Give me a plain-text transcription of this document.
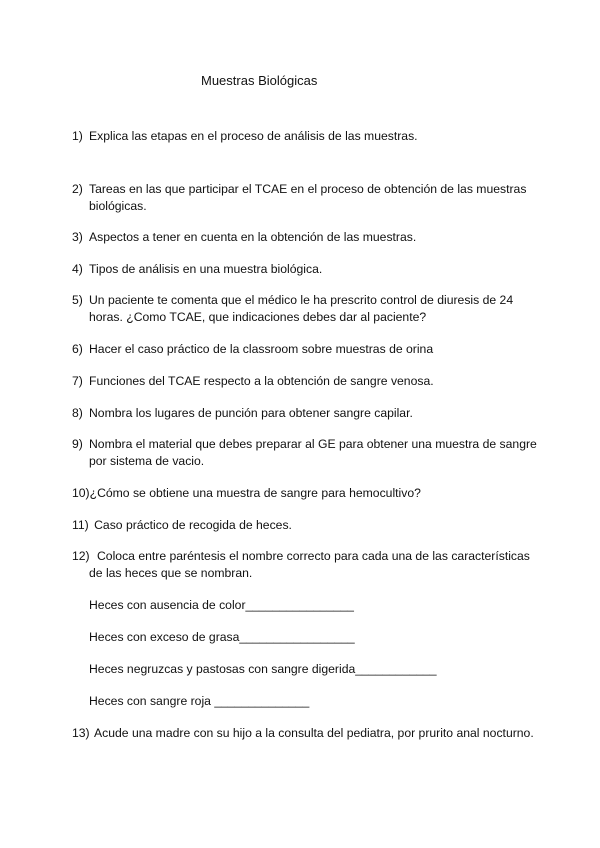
Muestras Biológicas
1) Explica las etapas en el proceso de análisis de las muestras.
2) Tareas en las que participar el TCAE en el proceso de obtención de las muestras biológicas.
3) Aspectos a tener en cuenta en la obtención de las muestras.
4) Tipos de análisis en una muestra biológica.
5) Un paciente te comenta que el médico le ha prescrito control de diuresis de 24 horas. ¿Como TCAE, que indicaciones debes dar al paciente?
6) Hacer el caso práctico de la classroom sobre muestras de orina
7) Funciones del TCAE respecto a la obtención de sangre venosa.
8) Nombra los lugares de punción para obtener sangre capilar.
9) Nombra el material que debes preparar al GE para obtener una muestra de sangre por sistema de vacio.
10)¿Cómo se obtiene una muestra de sangre para hemocultivo?
11) Caso práctico de recogida de heces.
12) Coloca entre paréntesis el nombre correcto para cada una de las características de las heces que se nombran.
Heces con ausencia de color________________
Heces con exceso de grasa_________________
Heces negruzcas y pastosas con sangre digerida____________
Heces con sangre roja ______________
13) Acude una madre con su hijo a la consulta del pediatra, por prurito anal nocturno.
